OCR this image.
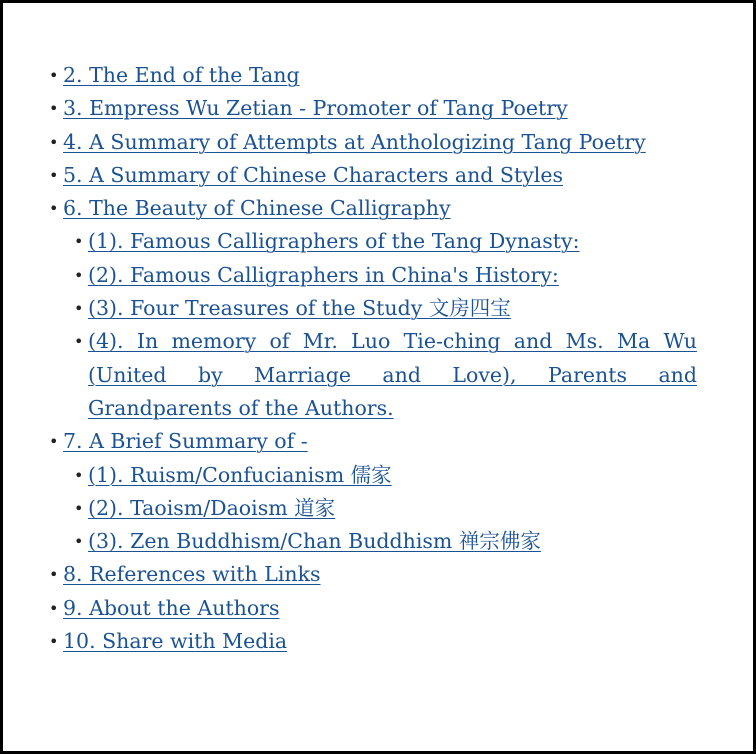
• 2. The End of the Tang
• 3. Empress Wu Zetian - Promoter of Tang Poetry
• 4. A Summary of Attempts at Anthologizing Tang Poetry
• 5. A Summary of Chinese Characters and Styles
• 6. The Beauty of Chinese Calligraphy
• (1). Famous Calligraphers of the Tang Dynasty:
• (2). Famous Calligraphers in China's History:
• (3). Four Treasures of the Study 文房四宝
• (4). In memory of Mr. Luo Tie-ching and Ms. Ma Wu (United by Marriage and Love), Parents and Grandparents of the Authors.
• 7. A Brief Summary of -
• (1). Ruism/Confucianism 儒家
• (2). Taoism/Daoism 道家
• (3). Zen Buddhism/Chan Buddhism 禅宗佛家
• 8. References with Links
• 9. About the Authors
• 10. Share with Media
